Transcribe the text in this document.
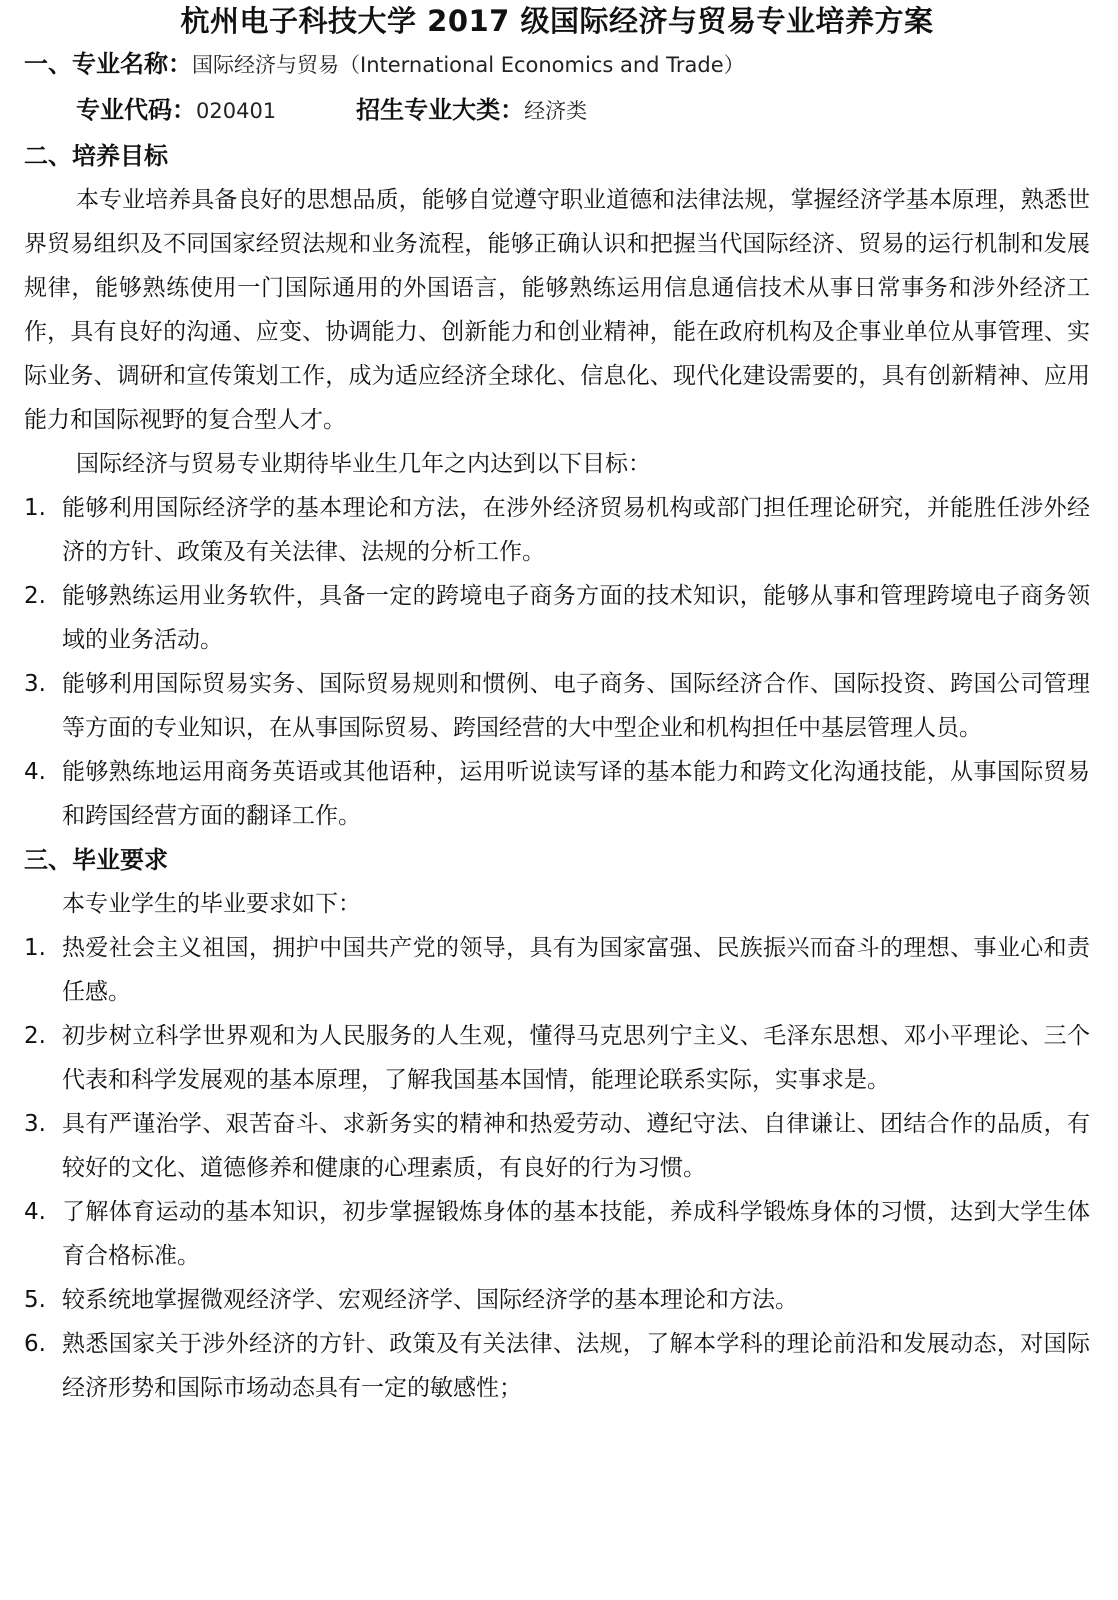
杭州电子科技大学 2017 级国际经济与贸易专业培养方案

一、专业名称：国际经济与贸易（International Economics and Trade）

专业代码：020401	招生专业大类：经济类

二、培养目标

本专业培养具备良好的思想品质，能够自觉遵守职业道德和法律法规，掌握经济学基本原理，熟悉世界贸易组织及不同国家经贸法规和业务流程，能够正确认识和把握当代国际经济、贸易的运行机制和发展规律，能够熟练使用一门国际通用的外国语言，能够熟练运用信息通信技术从事日常事务和涉外经济工作，具有良好的沟通、应变、协调能力、创新能力和创业精神，能在政府机构及企事业单位从事管理、实际业务、调研和宣传策划工作，成为适应经济全球化、信息化、现代化建设需要的，具有创新精神、应用能力和国际视野的复合型人才。

国际经济与贸易专业期待毕业生几年之内达到以下目标：

1. 能够利用国际经济学的基本理论和方法，在涉外经济贸易机构或部门担任理论研究，并能胜任涉外经济的方针、政策及有关法律、法规的分析工作。
2. 能够熟练运用业务软件，具备一定的跨境电子商务方面的技术知识，能够从事和管理跨境电子商务领域的业务活动。
3. 能够利用国际贸易实务、国际贸易规则和惯例、电子商务、国际经济合作、国际投资、跨国公司管理等方面的专业知识，在从事国际贸易、跨国经营的大中型企业和机构担任中基层管理人员。
4. 能够熟练地运用商务英语或其他语种，运用听说读写译的基本能力和跨文化沟通技能，从事国际贸易和跨国经营方面的翻译工作。

三、毕业要求

本专业学生的毕业要求如下：

1. 热爱社会主义祖国，拥护中国共产党的领导，具有为国家富强、民族振兴而奋斗的理想、事业心和责任感。
2. 初步树立科学世界观和为人民服务的人生观，懂得马克思列宁主义、毛泽东思想、邓小平理论、三个代表和科学发展观的基本原理，了解我国基本国情，能理论联系实际，实事求是。
3. 具有严谨治学、艰苦奋斗、求新务实的精神和热爱劳动、遵纪守法、自律谦让、团结合作的品质，有较好的文化、道德修养和健康的心理素质，有良好的行为习惯。
4. 了解体育运动的基本知识，初步掌握锻炼身体的基本技能，养成科学锻炼身体的习惯，达到大学生体育合格标准。
5. 较系统地掌握微观经济学、宏观经济学、国际经济学的基本理论和方法。
6. 熟悉国家关于涉外经济的方针、政策及有关法律、法规，了解本学科的理论前沿和发展动态，对国际经济形势和国际市场动态具有一定的敏感性；
